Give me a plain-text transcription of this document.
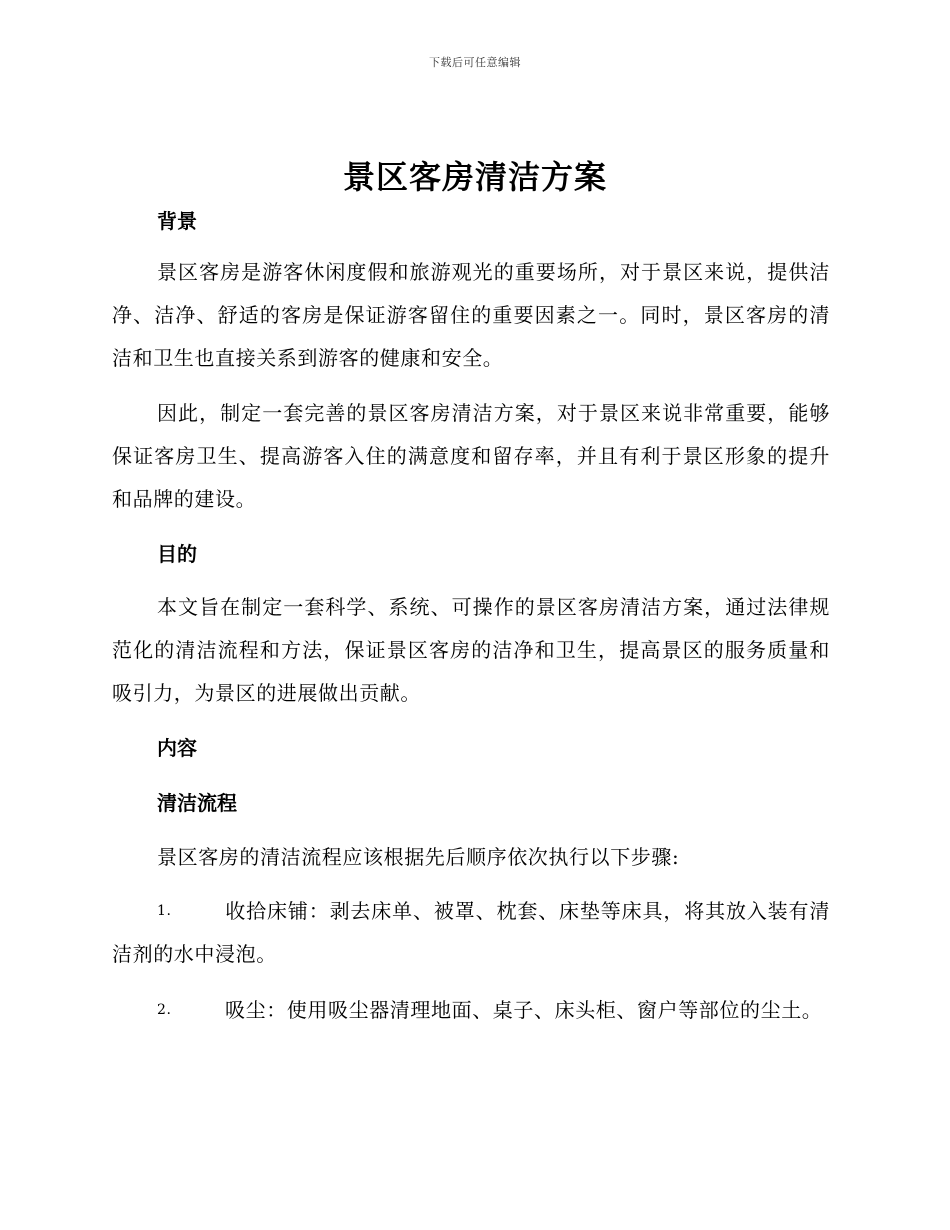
下载后可任意编辑
景区客房清洁方案
背景
景区客房是游客休闲度假和旅游观光的重要场所，对于景区来说，提供洁净、洁净、舒适的客房是保证游客留住的重要因素之一。同时，景区客房的清洁和卫生也直接关系到游客的健康和安全。
因此，制定一套完善的景区客房清洁方案，对于景区来说非常重要，能够保证客房卫生、提高游客入住的满意度和留存率，并且有利于景区形象的提升和品牌的建设。
目的
本文旨在制定一套科学、系统、可操作的景区客房清洁方案，通过法律规范化的清洁流程和方法，保证景区客房的洁净和卫生，提高景区的服务质量和吸引力，为景区的进展做出贡献。
内容
清洁流程
景区客房的清洁流程应该根据先后顺序依次执行以下步骤:
1.	收拾床铺：剥去床单、被罩、枕套、床垫等床具，将其放入装有清洁剂的水中浸泡。
2.	吸尘：使用吸尘器清理地面、桌子、床头柜、窗户等部位的尘土。
